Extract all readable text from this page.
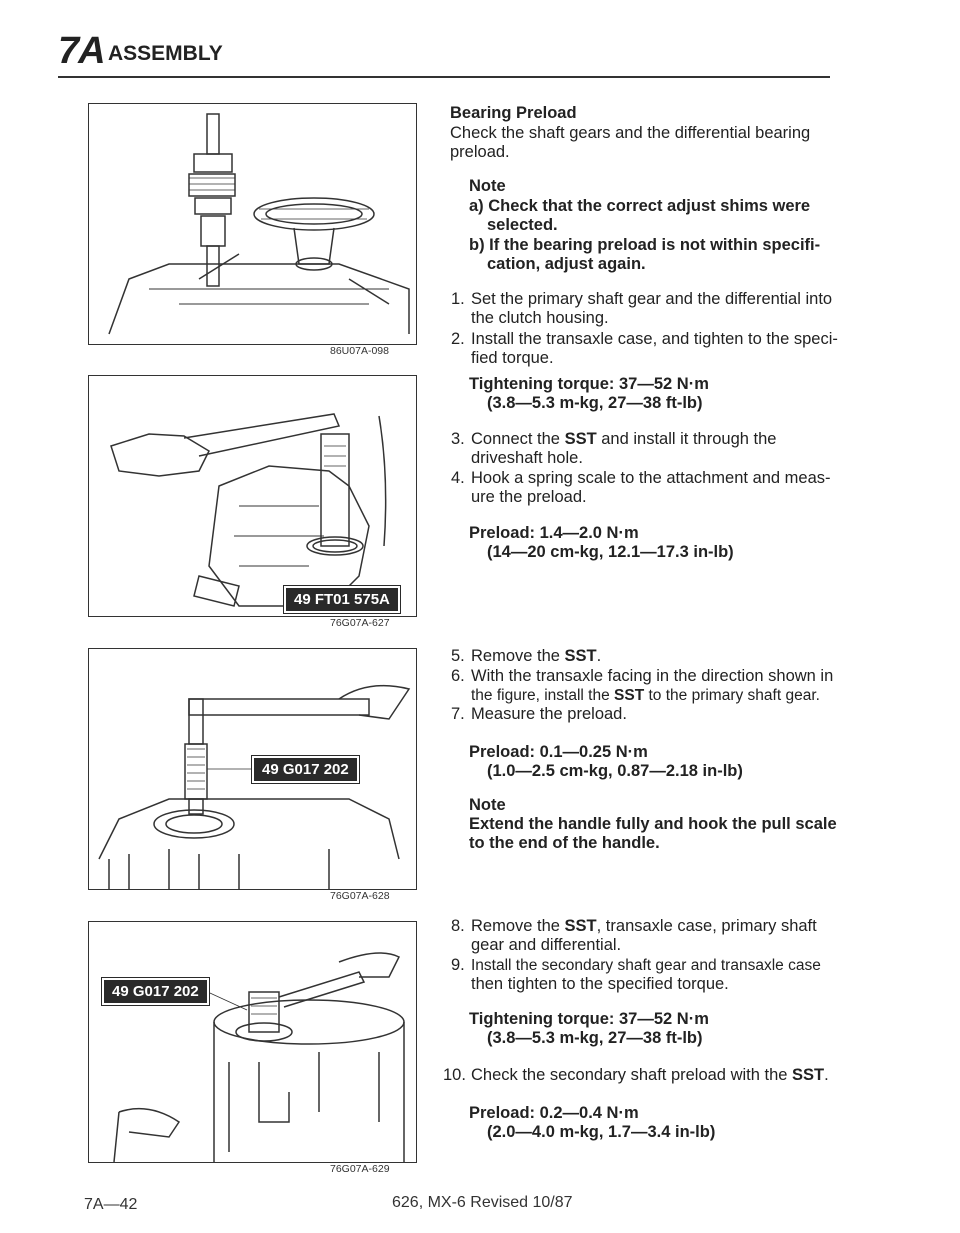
7A ASSEMBLY
86U07A-098
49 FT01 575A
76G07A-627
49 G017 202
76G07A-628
49 G017 202
76G07A-629
Bearing Preload
Check the shaft gears and the differential bearing
preload.
Note
a) Check that the correct adjust shims were
selected.
b) If the bearing preload is not within specifi-
cation, adjust again.
1. Set the primary shaft gear and the differential into
the clutch housing.
2. Install the transaxle case, and tighten to the speci-
fied torque.
Tightening torque: 37—52 N·m
(3.8—5.3 m-kg, 27—38 ft-lb)
3. Connect the SST and install it through the
driveshaft hole.
4. Hook a spring scale to the attachment and meas-
ure the preload.
Preload: 1.4—2.0 N·m
(14—20 cm-kg, 12.1—17.3 in-lb)
5. Remove the SST.
6. With the transaxle facing in the direction shown in
the figure, install the SST to the primary shaft gear.
7. Measure the preload.
Preload: 0.1—0.25 N·m
(1.0—2.5 cm-kg, 0.87—2.18 in-lb)
Note
Extend the handle fully and hook the pull scale
to the end of the handle.
8. Remove the SST, transaxle case, primary shaft
gear and differential.
9. Install the secondary shaft gear and transaxle case
then tighten to the specified torque.
Tightening torque: 37—52 N·m
(3.8—5.3 m-kg, 27—38 ft-lb)
10. Check the secondary shaft preload with the SST.
Preload: 0.2—0.4 N·m
(2.0—4.0 m-kg, 1.7—3.4 in-lb)
7A—42	626, MX-6 Revised 10/87
